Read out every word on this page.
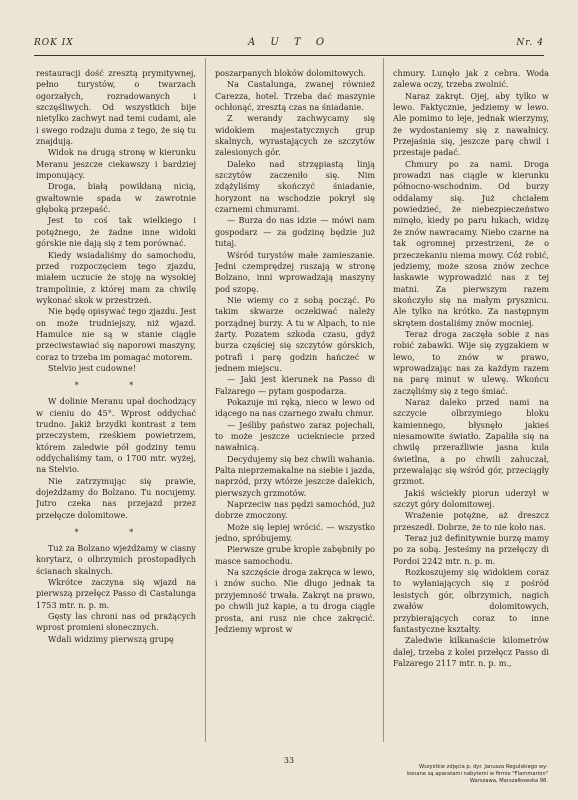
ROK IX	A U T O	Nr. 4

restauracji dość zresztą prymitywnej, pełno turystów, o twarzach ogorzałych, rozradowanych i szczęśliwych. Od wszystkich bije nietylko zachwyt nad temi cudami, ale i swego rodzaju duma z tego, że się tu znajdują.

Widok na drugą stronę w kierunku Meranu jeszcze ciekawszy i bardziej imponujący.

Droga, białą powikłaną nicią, gwałtownie spada w zawrotnie głęboką przepaść.

Jest to coś tak wielkiego i potężnego, że żadne inne widoki górskie nie dają się z tem porównać.

Kiedy wsiadaliśmy do samochodu, przed rozpoczęciem tego zjazdu, miałem uczucie że stoję na wysokiej trampolinie, z której mam za chwilę wykonać skok w przestrzeń.

Nie będę opisywać tego zjazdu. Jest on może trudniejszy, niż wjazd. Hamulce nie są w stanie ciągle przeciwstawiać się naporowi maszyny, coraz to trzeba im pomagać motorem.

Stelvio jest cudowne!

* *

W dolinie Meranu upał dochodzący w cieniu do 45°. Wprost oddychać trudno. Jakiż brzydki kontrast z tem przeczystem, rześkiem powietrzem, którem zaledwie pół godziny temu oddychaliśmy tam, o 1700 mtr. wyżej, na Stelvio.

Nie zatrzymując się prawie, dojeżdżamy do Bolzano. Tu nocujemy. Jutro czeka nas przejazd przez przełęcze dolomitowe.

* *

Tuż za Bolzano wjeżdżamy w ciasny korytarz, o olbrzymich prostopadłych ścianach skalnych.

Wkrótce zaczyna się wjazd na pierwszą przełęcz Passo di Castalunga 1753 mtr. n. p. m.

Gęsty las chroni nas od prażących wprost promieni słonecznych.

Wdali widzimy pierwszą grupę

poszarpanych bloków dolomitowych.

Na Castalunga, zwanej również Carezza, hotel. Trzeba dać maszynie ochłonąć, zresztą czas na śniadanie.

Z werandy zachwycamy się widokiem majestatycznych grup skalnych, wyrastających ze szczytów zalesionych gór.

Daleko nad strzępiastą linją szczytów zaczeniło się. Nim zdążyliśmy skończyć śniadanie, horyzont na wschodzie pokrył się czarnemi chmurami.

— Burza do nas idzie — mówi nam gospodarz — za godzinę będzie już tutaj.

Wśród turystów małe zamieszanie. Jedni czemprędzej ruszają w stronę Bolzano, inni wprowadzają maszyny pod szopę.

Nie wiemy co z sobą począć. Po takim skwarze oczekiwać należy porządnej burzy. A tu w Alpach, to nie żarty. Pozatem szkoda czasu, gdyż burza częściej się szczytów górskich, potrafi i parę godzin hańczeć w jednem miejscu.

— Jaki jest kierunek na Passo di Falzarego — pytam gospodarza.

Pokazuje mi ręką, nieco w lewo od idącego na nas czarnego zwału chmur.

— Jeśliby państwo zaraz pojechali, to może jeszcze uciekniecie przed nawałnicą.

Decydujemy się bez chwili wahania. Palta nieprzemakalne na siebie i jazda, naprzód, przy wtórze jeszcze dalekich, pierwszych grzmotów.

Naprzeciw nas pędzi samochód, już dobrze zmoczony.

Może się lepiej wrócić. — wszystko jedno, spróbujemy.

Pierwsze grube krople zabębniły po masce samochodu.

Na szczęście droga zakręca w lewo, i znów sucho. Nie długo jednak ta przyjemność trwała. Zakręt na prawo, po chwili już kapie, a tu droga ciągle prosta, ani rusz nie chce zakręcić. Jedziemy wprost w

chmury. Lunęło jak z cebra. Woda zalewa oczy, trzeba zwolnić.

Naraz zakręt. Ojej, aby tylko w lewo. Faktycznie, jedziemy w lewo. Ale pomimo to leje, jednak wierzymy, że wydostaniemy się z nawałnicy. Przejaśnia się, jeszcze parę chwil i przestaje padać.

Chmury po za nami. Droga prowadzi nas ciągle w kierunku północno-wschodnim. Od burzy oddalamy się. Już chciałem powiedzieć, że niebezpieczeństwo minęło, kiedy po paru łukach, widzę że znów nawracamy. Niebo czarne na tak ogromnej przestrzeni, że o przeczekaniu niema mowy. Cóż robić, jedziemy, może szosa znów zechce łaskawie wyprowadzić nas z tej matni. Za pierwszym razem skończyło się na małym prysznicu. Ale tylko na krótko. Za następnym skrętem dostaliśmy znów mocniej.

Teraz droga zaczęła sobie z nas robić zabawki. Wije się zygzakiem w lewo, to znów w prawo, wprowadzając nas za każdym razem na parę minut w ulewę. Wkońcu zaczęliśmy się z tego śmiać.

Naraz daleko przed nami na szczycie olbrzymiego bloku kamiennego, błysnęło jakieś niesamowite światło. Zapaliła się na chwilę przeraźliwie jasna kula świetlna, a po chwili zahuczał, przewalając się wśród gór, przeciągły grzmot.

Jakiś wściekły piorun uderzył w szczyt góry dolomitowej.

Wrażenie potężne, aż dreszcz przeszedł. Dobrze, że to nie koło nas.

Teraz już definitywnie burzę mamy po za sobą. Jesteśmy na przełęczy di Pordoi 2242 mtr. n. p. m.

Rozkoszujemy się widokiem coraz to wyłaniających się z pośród lesistych gór, olbrzymich, nagich zwałów dolomitowych, przybierających coraz to inne fantastyczne kształty.

Zaledwie kilkanaście kilometrów dalej, trzeba z kolei przełęcz Passo di Falzarego 2117 mtr. n. p. m.,

33
Wszystkie zdjęcia p. dyr. Janusza Regulskiego wy-
konane są aparatami nabytemi w firmie "Flammarion"
Warszawa, Marszałkowska 98.
